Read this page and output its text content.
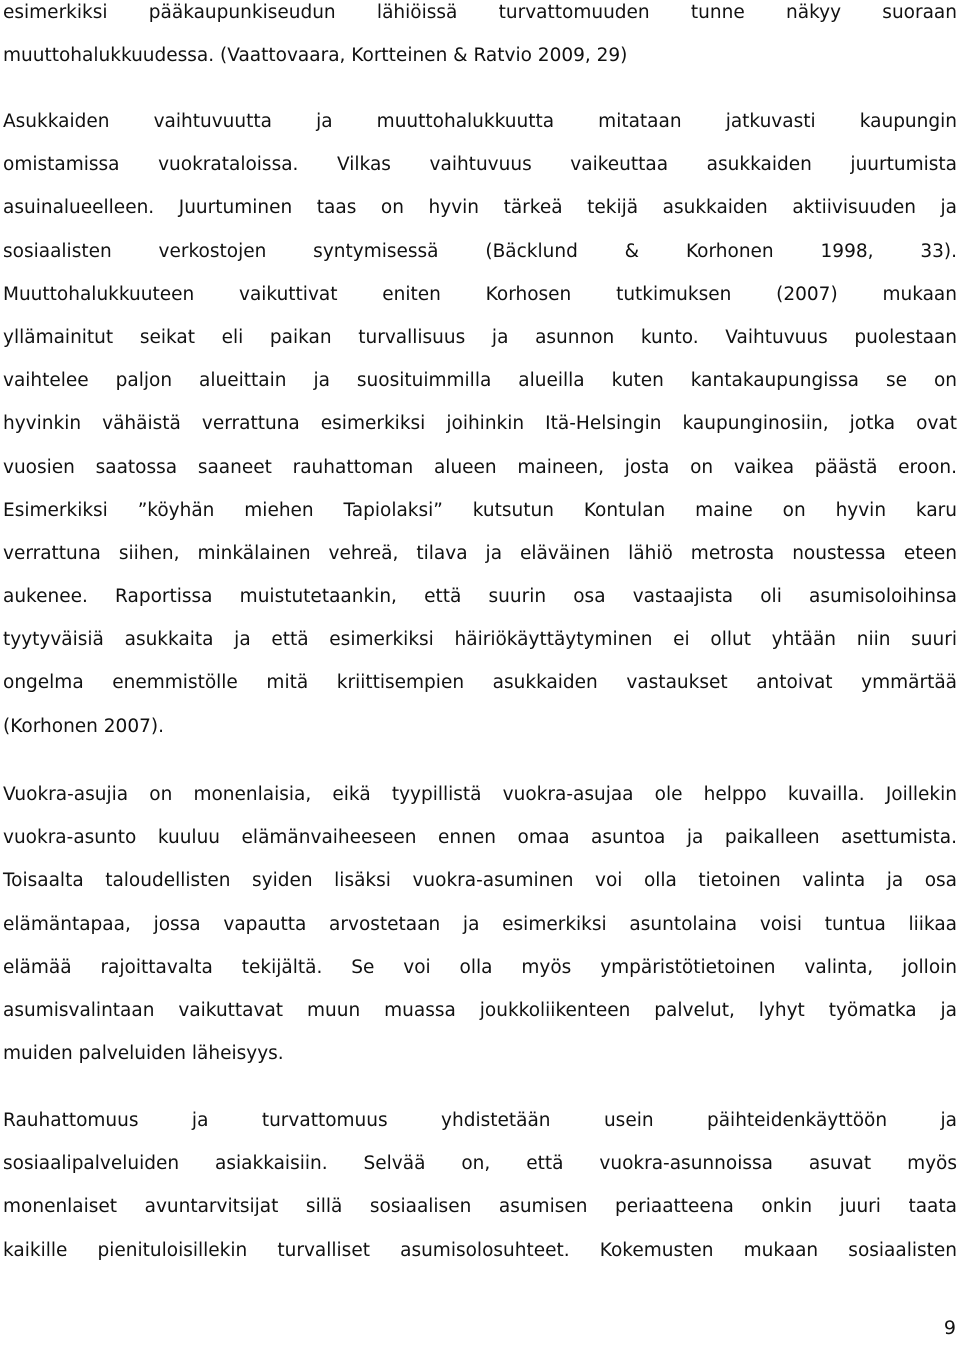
esimerkiksi pääkaupunkiseudun lähiöissä turvattomuuden tunne näkyy suoraan
muuttohalukkuudessa. (Vaattovaara, Kortteinen & Ratvio 2009, 29)
Asukkaiden vaihtuvuutta ja muuttohalukkuutta mitataan jatkuvasti kaupungin
omistamissa vuokrataloissa. Vilkas vaihtuvuus vaikeuttaa asukkaiden juurtumista
asuinalueelleen. Juurtuminen taas on hyvin tärkeä tekijä asukkaiden aktiivisuuden ja
sosiaalisten verkostojen syntymisessä (Bäcklund & Korhonen 1998, 33).
Muuttohalukkuuteen vaikuttivat eniten Korhosen tutkimuksen (2007) mukaan
yllämainitut seikat eli paikan turvallisuus ja asunnon kunto. Vaihtuvuus puolestaan
vaihtelee paljon alueittain ja suosituimmilla alueilla kuten kantakaupungissa se on
hyvinkin vähäistä verrattuna esimerkiksi joihinkin Itä-Helsingin kaupunginosiin, jotka ovat
vuosien saatossa saaneet rauhattoman alueen maineen, josta on vaikea päästä eroon.
Esimerkiksi ”köyhän miehen Tapiolaksi” kutsutun Kontulan maine on hyvin karu
verrattuna siihen, minkälainen vehreä, tilava ja eläväinen lähiö metrosta noustessa eteen
aukenee. Raportissa muistutetaankin, että suurin osa vastaajista oli asumisoloihinsa
tyytyväisiä asukkaita ja että esimerkiksi häiriökäyttäytyminen ei ollut yhtään niin suuri
ongelma enemmistölle mitä kriittisempien asukkaiden vastaukset antoivat ymmärtää
(Korhonen 2007).
Vuokra-asujia on monenlaisia, eikä tyypillistä vuokra-asujaa ole helppo kuvailla. Joillekin
vuokra-asunto kuuluu elämänvaiheeseen ennen omaa asuntoa ja paikalleen asettumista.
Toisaalta taloudellisten syiden lisäksi vuokra-asuminen voi olla tietoinen valinta ja osa
elämäntapaa, jossa vapautta arvostetaan ja esimerkiksi asuntolaina voisi tuntua liikaa
elämää rajoittavalta tekijältä. Se voi olla myös ympäristötietoinen valinta, jolloin
asumisvalintaan vaikuttavat muun muassa joukkoliikenteen palvelut, lyhyt työmatka ja
muiden palveluiden läheisyys.
Rauhattomuus ja turvattomuus yhdistetään usein päihteidenkäyttöön ja
sosiaalipalveluiden asiakkaisiin. Selvää on, että vuokra-asunnoissa asuvat myös
monenlaiset avuntarvitsijat sillä sosiaalisen asumisen periaatteena onkin juuri taata
kaikille pienituloisillekin turvalliset asumisolosuhteet. Kokemusten mukaan sosiaalisten
9
